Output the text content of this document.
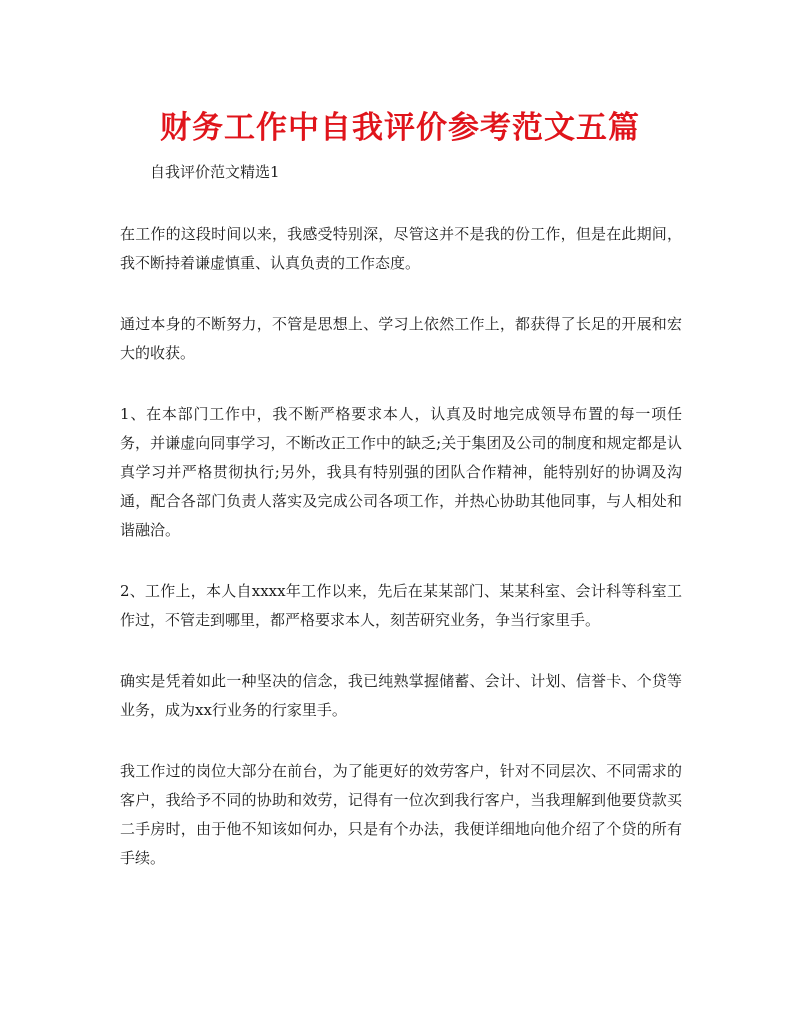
财务工作中自我评价参考范文五篇

自我评价范文精选1

在工作的这段时间以来，我感受特别深，尽管这并不是我的份工作，但是在此期间，我不断持着谦虚慎重、认真负责的工作态度。

通过本身的不断努力，不管是思想上、学习上依然工作上，都获得了长足的开展和宏大的收获。

1、在本部门工作中，我不断严格要求本人，认真及时地完成领导布置的每一项任务，并谦虚向同事学习，不断改正工作中的缺乏;关于集团及公司的制度和规定都是认真学习并严格贯彻执行;另外，我具有特别强的团队合作精神，能特别好的协调及沟通，配合各部门负责人落实及完成公司各项工作，并热心协助其他同事，与人相处和谐融洽。

2、工作上，本人自xxxx年工作以来，先后在某某部门、某某科室、会计科等科室工作过，不管走到哪里，都严格要求本人，刻苦研究业务，争当行家里手。

确实是凭着如此一种坚决的信念，我已纯熟掌握储蓄、会计、计划、信誉卡、个贷等业务，成为xx行业务的行家里手。

我工作过的岗位大部分在前台，为了能更好的效劳客户，针对不同层次、不同需求的客户，我给予不同的协助和效劳，记得有一位次到我行客户，当我理解到他要贷款买二手房时，由于他不知该如何办，只是有个办法，我便详细地向他介绍了个贷的所有手续。
